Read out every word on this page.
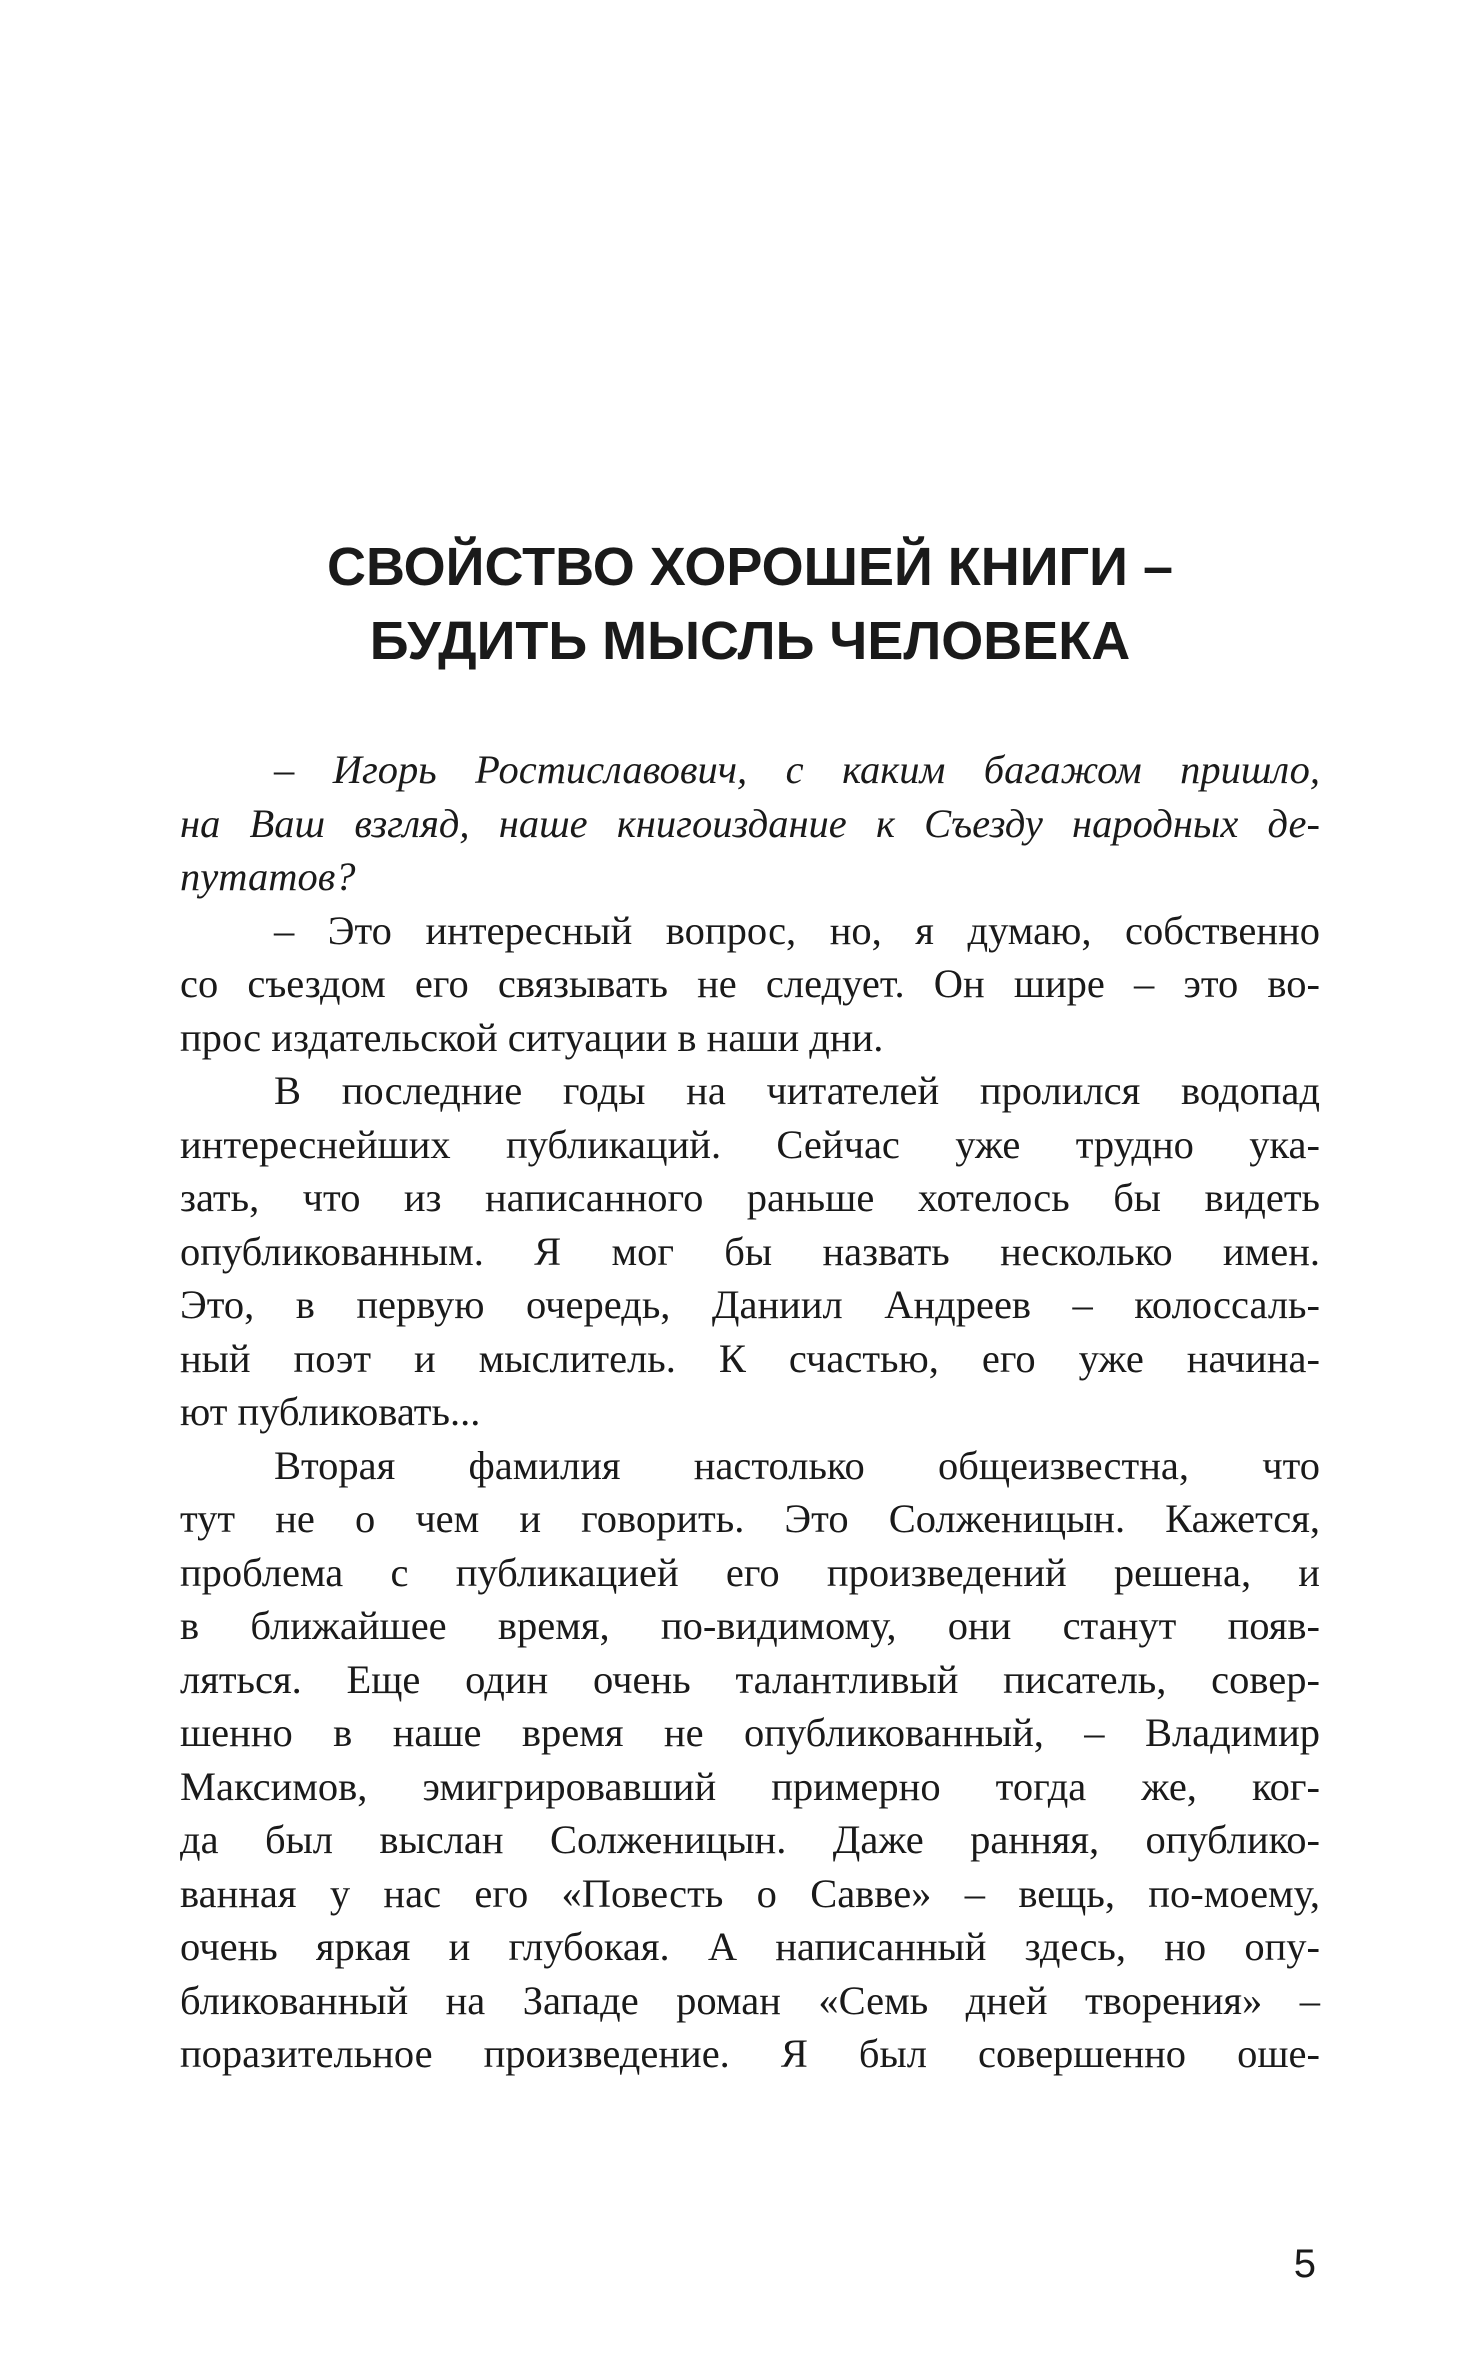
СВОЙСТВО ХОРОШЕЙ КНИГИ –
БУДИТЬ МЫСЛЬ ЧЕЛОВЕКА

– Игорь Ростиславович, с каким багажом пришло,
на Ваш взгляд, наше книгоиздание к Съезду народных де-
путатов?

– Это интересный вопрос, но, я думаю, собственно
со съездом его связывать не следует. Он шире – это во-
прос издательской ситуации в наши дни.

В последние годы на читателей пролился водопад
интереснейших публикаций. Сейчас уже трудно ука-
зать, что из написанного раньше хотелось бы видеть
опубликованным. Я мог бы назвать несколько имен.
Это, в первую очередь, Даниил Андреев – колоссаль-
ный поэт и мыслитель. К счастью, его уже начина-
ют публиковать...

Вторая фамилия настолько общеизвестна, что
тут не о чем и говорить. Это Солженицын. Кажется,
проблема с публикацией его произведений решена, и
в ближайшее время, по-видимому, они станут появ-
ляться. Еще один очень талантливый писатель, совер-
шенно в наше время не опубликованный, – Владимир
Максимов, эмигрировавший примерно тогда же, ког-
да был выслан Солженицын. Даже ранняя, опублико-
ванная у нас его «Повесть о Савве» – вещь, по-моему,
очень яркая и глубокая. А написанный здесь, но опу-
бликованный на Западе роман «Семь дней творения» –
поразительное произведение. Я был совершенно оше-

5
